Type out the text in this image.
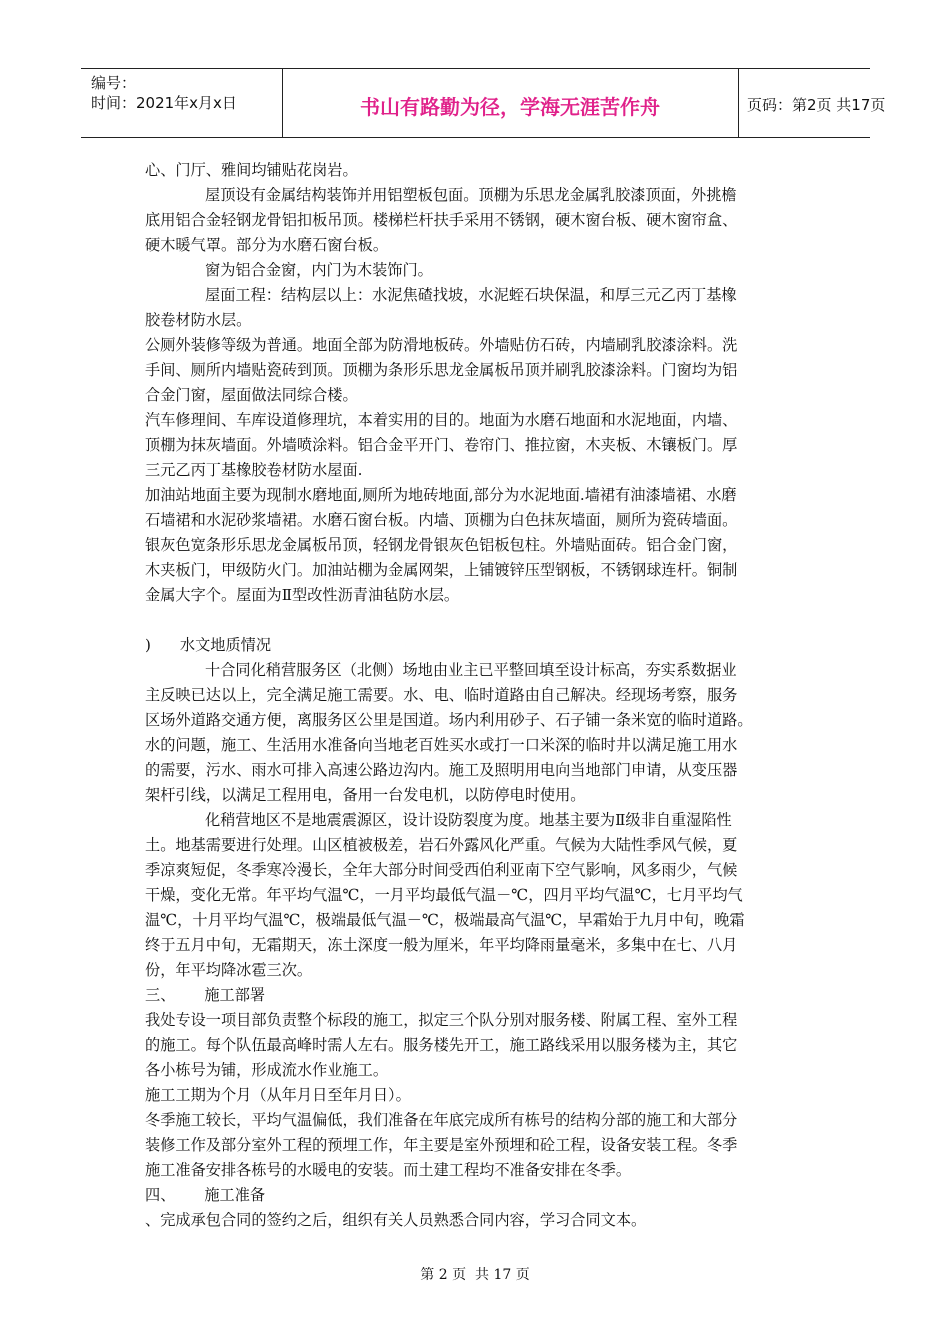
编号：
时间：2021年x月x日	书山有路勤为径，学海无涯苦作舟	页码：第2页 共17页
心、门厅、雅间均铺贴花岗岩。
屋顶设有金属结构装饰并用铝塑板包面。顶棚为乐思龙金属乳胶漆顶面，外挑檐
底用铝合金轻钢龙骨铝扣板吊顶。楼梯栏杆扶手采用不锈钢，硬木窗台板、硬木窗帘盒、
硬木暖气罩。部分为水磨石窗台板。
窗为铝合金窗，内门为木装饰门。
屋面工程：结构层以上：水泥焦碴找坡，水泥蛭石块保温，和厚三元乙丙丁基橡
胶卷材防水层。
公厕外装修等级为普通。地面全部为防滑地板砖。外墙贴仿石砖，内墙刷乳胶漆涂料。洗
手间、厕所内墙贴瓷砖到顶。顶棚为条形乐思龙金属板吊顶并刷乳胶漆涂料。门窗均为铝
合金门窗，屋面做法同综合楼。
汽车修理间、车库设道修理坑，本着实用的目的。地面为水磨石地面和水泥地面，内墙、
顶棚为抹灰墙面。外墙喷涂料。铝合金平开门、卷帘门、推拉窗，木夹板、木镶板门。厚
三元乙丙丁基橡胶卷材防水屋面.
加油站地面主要为现制水磨地面,厕所为地砖地面,部分为水泥地面.墙裙有油漆墙裙、水磨
石墙裙和水泥砂浆墙裙。水磨石窗台板。内墙、顶棚为白色抹灰墙面，厕所为瓷砖墙面。
银灰色宽条形乐思龙金属板吊顶，轻钢龙骨银灰色铝板包柱。外墙贴面砖。铝合金门窗，
木夹板门，甲级防火门。加油站棚为金属网架，上铺镀锌压型钢板，不锈钢球连杆。铜制
金属大字个。屋面为Ⅱ型改性沥青油毡防水层。
)      水文地质情况
十合同化稍营服务区（北侧）场地由业主已平整回填至设计标高，夯实系数据业
主反映已达以上，完全满足施工需要。水、电、临时道路由自己解决。经现场考察，服务
区场外道路交通方便，离服务区公里是国道。场内利用砂子、石子铺一条米宽的临时道路。
水的问题，施工、生活用水准备向当地老百姓买水或打一口米深的临时井以满足施工用水
的需要，污水、雨水可排入高速公路边沟内。施工及照明用电向当地部门申请，从变压器
架杆引线，以满足工程用电，备用一台发电机，以防停电时使用。
化稍营地区不是地震震源区，设计设防裂度为度。地基主要为Ⅱ级非自重湿陷性
土。地基需要进行处理。山区植被极差，岩石外露风化严重。气候为大陆性季风气候，夏
季凉爽短促，冬季寒冷漫长，全年大部分时间受西伯利亚南下空气影响，风多雨少，气候
干燥，变化无常。年平均气温℃，一月平均最低气温－℃，四月平均气温℃，七月平均气
温℃，十月平均气温℃，极端最低气温－℃，极端最高气温℃，早霜始于九月中旬，晚霜
终于五月中旬，无霜期天，冻土深度一般为厘米，年平均降雨量毫米，多集中在七、八月
份，年平均降冰雹三次。
三、      施工部署
我处专设一项目部负责整个标段的施工，拟定三个队分别对服务楼、附属工程、室外工程
的施工。每个队伍最高峰时需人左右。服务楼先开工，施工路线采用以服务楼为主，其它
各小栋号为铺，形成流水作业施工。
施工工期为个月（从年月日至年月日）。
冬季施工较长，平均气温偏低，我们准备在年底完成所有栋号的结构分部的施工和大部分
装修工作及部分室外工程的预埋工作，年主要是室外预埋和砼工程，设备安装工程。冬季
施工准备安排各栋号的水暖电的安装。而土建工程均不准备安排在冬季。
四、      施工准备
、完成承包合同的签约之后，组织有关人员熟悉合同内容，学习合同文本。
第 2 页  共 17 页
